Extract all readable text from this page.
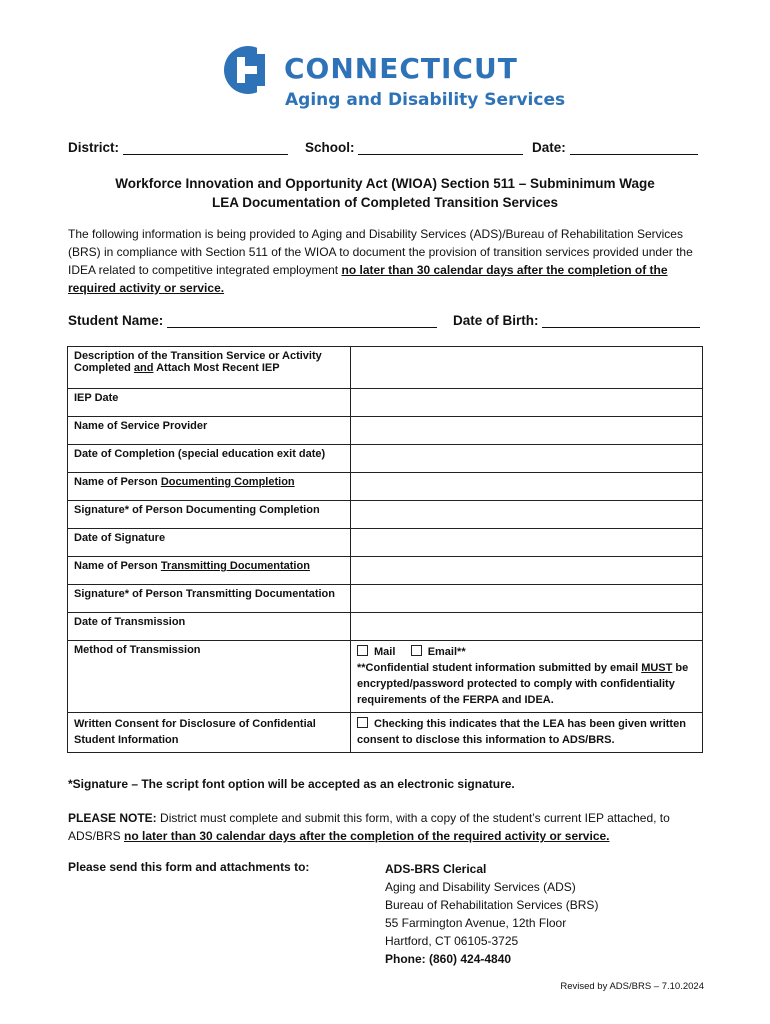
CONNECTICUT
Aging and Disability Services
District:	School:	Date:
Workforce Innovation and Opportunity Act (WIOA) Section 511 – Subminimum Wage
LEA Documentation of Completed Transition Services
The following information is being provided to Aging and Disability Services (ADS)/Bureau of Rehabilitation Services (BRS) in compliance with Section 511 of the WIOA to document the provision of transition services provided under the IDEA related to competitive integrated employment no later than 30 calendar days after the completion of the required activity or service.
Student Name:	Date of Birth:
Description of the Transition Service or Activity Completed and Attach Most Recent IEP	
IEP Date	
Name of Service Provider	
Date of Completion (special education exit date)	
Name of Person Documenting Completion	
Signature* of Person Documenting Completion	
Date of Signature	
Name of Person Transmitting Documentation	
Signature* of Person Transmitting Documentation	
Date of Transmission	
Method of Transmission	Mail Email**
**Confidential student information submitted by email MUST be encrypted/password protected to comply with confidentiality requirements of the FERPA and IDEA.
Written Consent for Disclosure of Confidential Student Information	Checking this indicates that the LEA has been given written consent to disclose this information to ADS/BRS.
*Signature – The script font option will be accepted as an electronic signature.
PLEASE NOTE: District must complete and submit this form, with a copy of the student’s current IEP attached, to ADS/BRS no later than 30 calendar days after the completion of the required activity or service.
Please send this form and attachments to:	ADS-BRS Clerical
Aging and Disability Services (ADS)
Bureau of Rehabilitation Services (BRS)
55 Farmington Avenue, 12th Floor
Hartford, CT 06105-3725
Phone: (860) 424-4840
Revised by ADS/BRS – 7.10.2024
